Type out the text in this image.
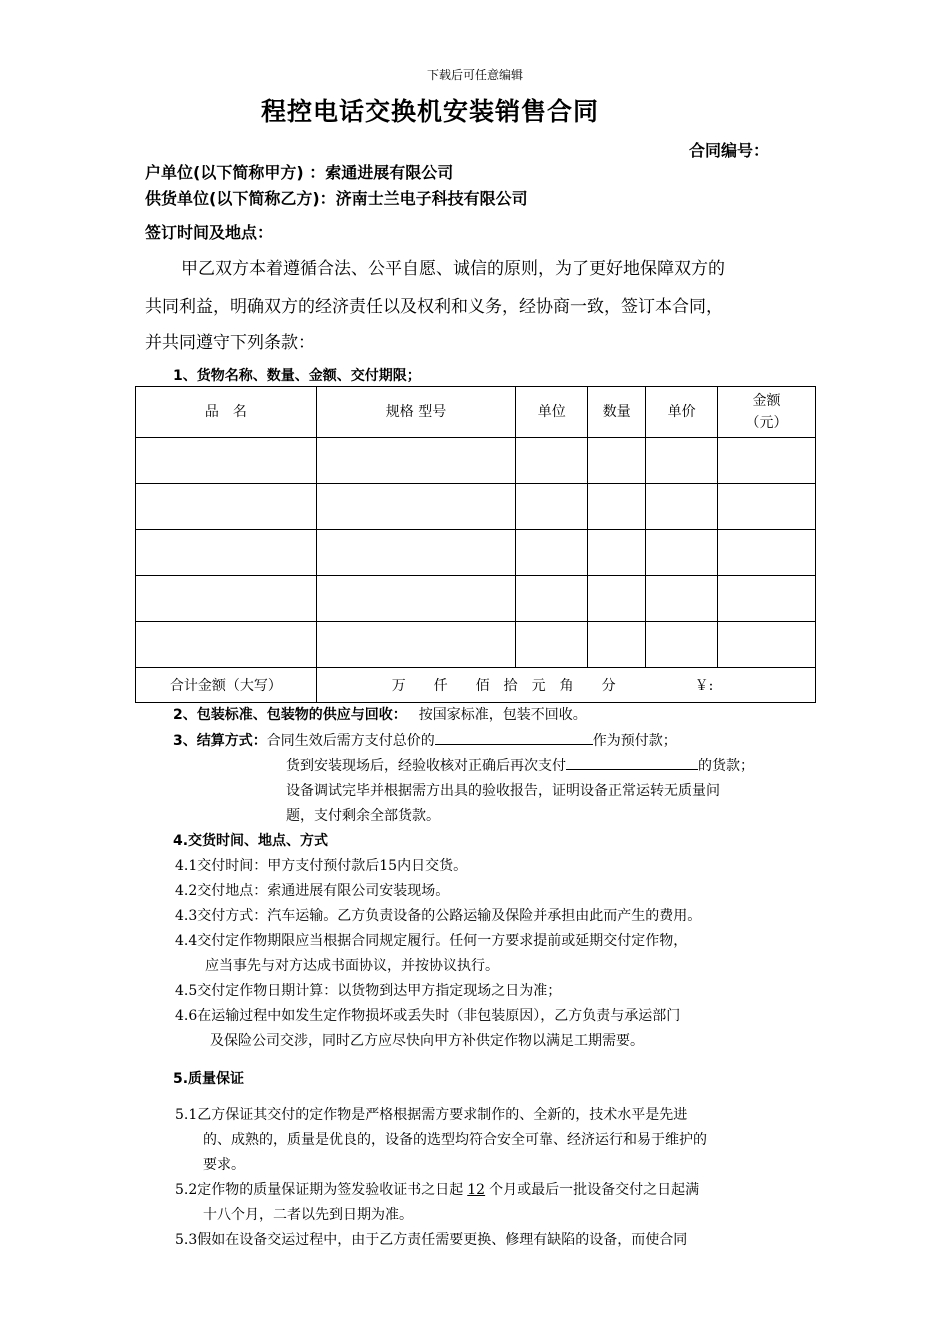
下载后可任意编辑
程控电话交换机安装销售合同
合同编号：
户单位(以下简称甲方) ：索通进展有限公司
供货单位(以下简称乙方)：济南士兰电子科技有限公司
签订时间及地点：
甲乙双方本着遵循合法、公平自愿、诚信的原则，为了更好地保障双方的
共同利益，明确双方的经济责任以及权利和义务，经协商一致，签订本合同，
并共同遵守下列条款：
1、货物名称、数量、金额、交付期限；
品　名	规格 型号	单位	数量	单价	金额
（元）

合计金额（大写）	万　　仟　　佰　拾　元　角　　分 ￥:				
2、包装标准、包装物的供应与回收： 按国家标准，包装不回收。
3、结算方式：合同生效后需方支付总价的	作为预付款；
货到安装现场后，经验收核对正确后再次支付	的货款；
设备调试完毕并根据需方出具的验收报告，证明设备正常运转无质量问
题，支付剩余全部货款。
4.交货时间、地点、方式
4.1交付时间：甲方支付预付款后15内日交货。
4.2交付地点：索通进展有限公司安装现场。
4.3交付方式：汽车运输。乙方负责设备的公路运输及保险并承担由此而产生的费用。
4.4交付定作物期限应当根据合同规定履行。任何一方要求提前或延期交付定作物，
应当事先与对方达成书面协议，并按协议执行。
4.5交付定作物日期计算：以货物到达甲方指定现场之日为准；
4.6在运输过程中如发生定作物损坏或丢失时（非包装原因），乙方负责与承运部门
及保险公司交涉，同时乙方应尽快向甲方补供定作物以满足工期需要。
5.质量保证
5.1乙方保证其交付的定作物是严格根据需方要求制作的、全新的，技术水平是先进
的、成熟的，质量是优良的，设备的选型均符合安全可靠、经济运行和易于维护的
要求。
5.2定作物的质量保证期为签发验收证书之日起 12 个月或最后一批设备交付之日起满
十八个月，二者以先到日期为准。
5.3假如在设备交运过程中，由于乙方责任需要更换、修理有缺陷的设备，而使合同
